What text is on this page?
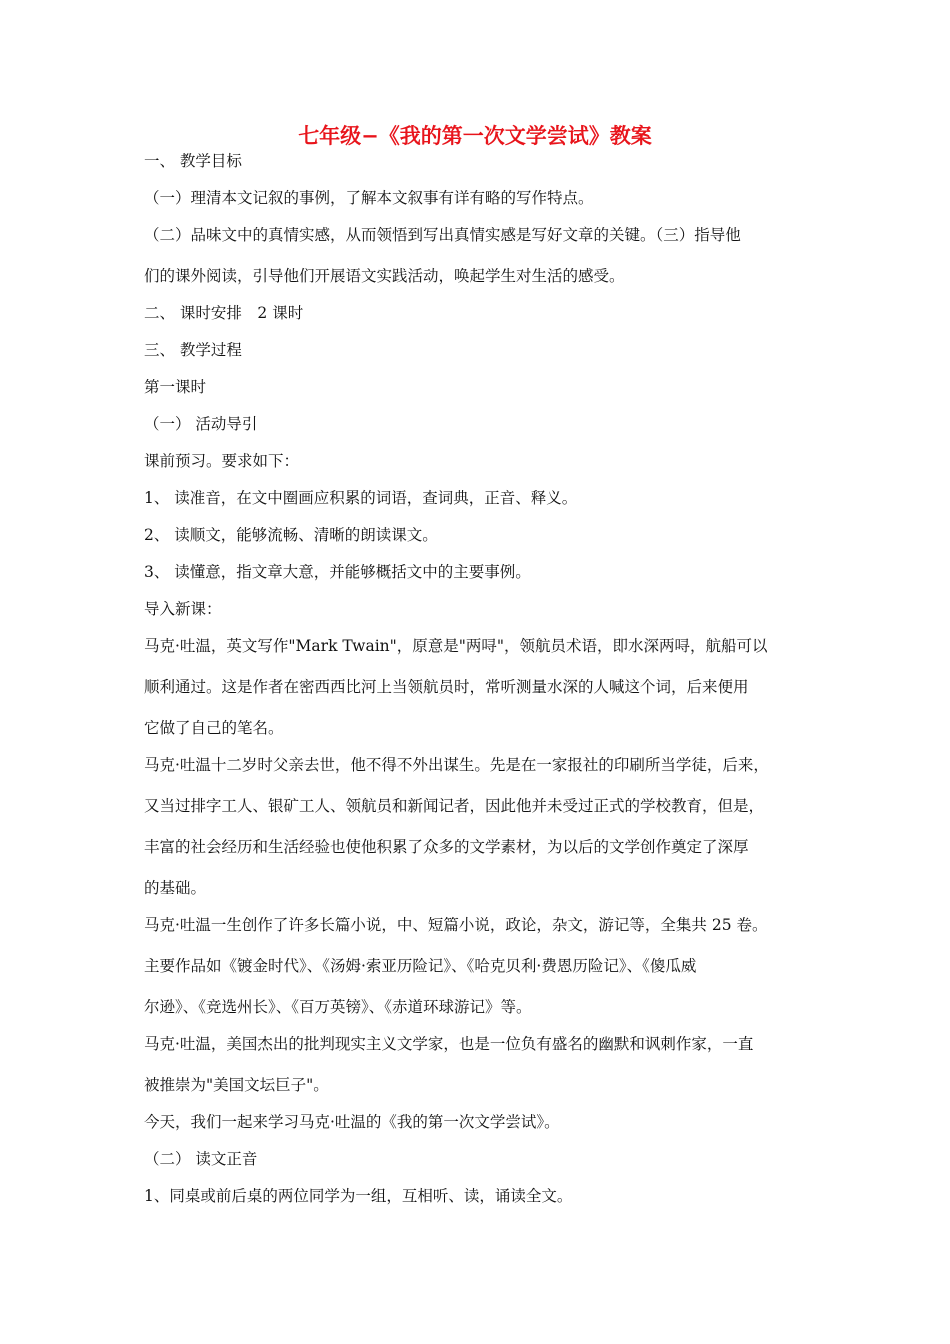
七年级−《我的第一次文学尝试》教案
一、 教学目标
（一）理清本文记叙的事例，了解本文叙事有详有略的写作特点。
（二）品味文中的真情实感，从而领悟到写出真情实感是写好文章的关键。（三）指导他
们的课外阅读，引导他们开展语文实践活动，唤起学生对生活的感受。
二、 课时安排　2 课时
三、 教学过程
第一课时
（一） 活动导引
课前预习。要求如下：
1、 读准音，在文中圈画应积累的词语，查词典，正音、释义。
2、 读顺文，能够流畅、清晰的朗读课文。
3、 读懂意，指文章大意，并能够概括文中的主要事例。
导入新课：
马克·吐温，英文写作"Mark Twain"，原意是"两㖊"，领航员术语，即水深两㖊，航船可以
顺利通过。这是作者在密西西比河上当领航员时，常听测量水深的人喊这个词，后来便用
它做了自己的笔名。
马克·吐温十二岁时父亲去世，他不得不外出谋生。先是在一家报社的印刷所当学徒，后来，
又当过排字工人、银矿工人、领航员和新闻记者，因此他并未受过正式的学校教育，但是，
丰富的社会经历和生活经验也使他积累了众多的文学素材，为以后的文学创作奠定了深厚
的基础。
马克·吐温一生创作了许多长篇小说，中、短篇小说，政论，杂文，游记等，全集共 25 卷。
主要作品如《镀金时代》、《汤姆·索亚历险记》、《哈克贝利·费恩历险记》、《傻瓜威
尔逊》、《竞选州长》、《百万英镑》、《赤道环球游记》等。
马克·吐温，美国杰出的批判现实主义文学家，也是一位负有盛名的幽默和讽刺作家，一直
被推崇为"美国文坛巨子"。
今天，我们一起来学习马克·吐温的《我的第一次文学尝试》。
（二） 读文正音
1、同桌或前后桌的两位同学为一组，互相听、读，诵读全文。
